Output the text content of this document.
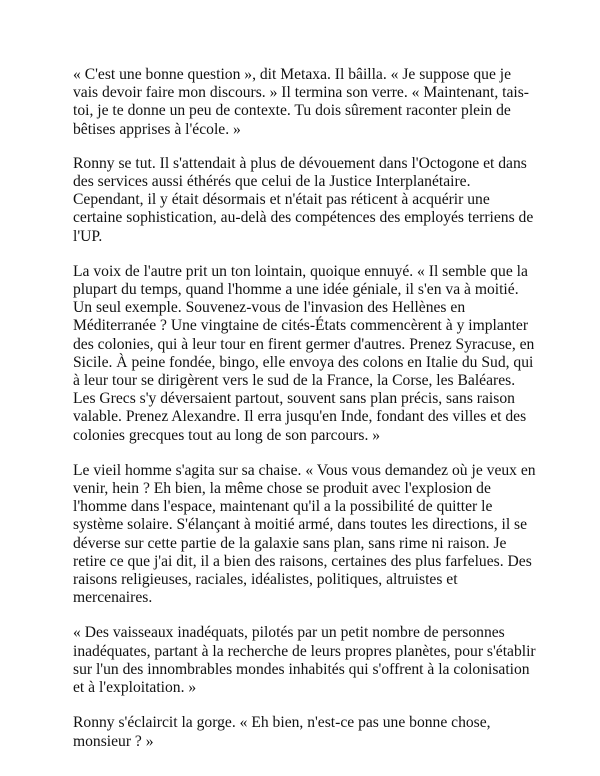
« C'est une bonne question », dit Metaxa. Il bâilla. « Je suppose que je vais devoir faire mon discours. » Il termina son verre. « Maintenant, tais-toi, je te donne un peu de contexte. Tu dois sûrement raconter plein de bêtises apprises à l'école. »

Ronny se tut. Il s'attendait à plus de dévouement dans l'Octogone et dans des services aussi éthérés que celui de la Justice Interplanétaire. Cependant, il y était désormais et n'était pas réticent à acquérir une certaine sophistication, au-delà des compétences des employés terriens de l'UP.

La voix de l'autre prit un ton lointain, quoique ennuyé. « Il semble que la plupart du temps, quand l'homme a une idée géniale, il s'en va à moitié. Un seul exemple. Souvenez-vous de l'invasion des Hellènes en Méditerranée ? Une vingtaine de cités-États commencèrent à y implanter des colonies, qui à leur tour en firent germer d'autres. Prenez Syracuse, en Sicile. À peine fondée, bingo, elle envoya des colons en Italie du Sud, qui à leur tour se dirigèrent vers le sud de la France, la Corse, les Baléares. Les Grecs s'y déversaient partout, souvent sans plan précis, sans raison valable. Prenez Alexandre. Il erra jusqu'en Inde, fondant des villes et des colonies grecques tout au long de son parcours. »

Le vieil homme s'agita sur sa chaise. « Vous vous demandez où je veux en venir, hein ? Eh bien, la même chose se produit avec l'explosion de l'homme dans l'espace, maintenant qu'il a la possibilité de quitter le système solaire. S'élançant à moitié armé, dans toutes les directions, il se déverse sur cette partie de la galaxie sans plan, sans rime ni raison. Je retire ce que j'ai dit, il a bien des raisons, certaines des plus farfelues. Des raisons religieuses, raciales, idéalistes, politiques, altruistes et mercenaires.

« Des vaisseaux inadéquats, pilotés par un petit nombre de personnes inadéquates, partant à la recherche de leurs propres planètes, pour s'établir sur l'un des innombrables mondes inhabités qui s'offrent à la colonisation et à l'exploitation. »

Ronny s'éclaircit la gorge. « Eh bien, n'est-ce pas une bonne chose, monsieur ? »
